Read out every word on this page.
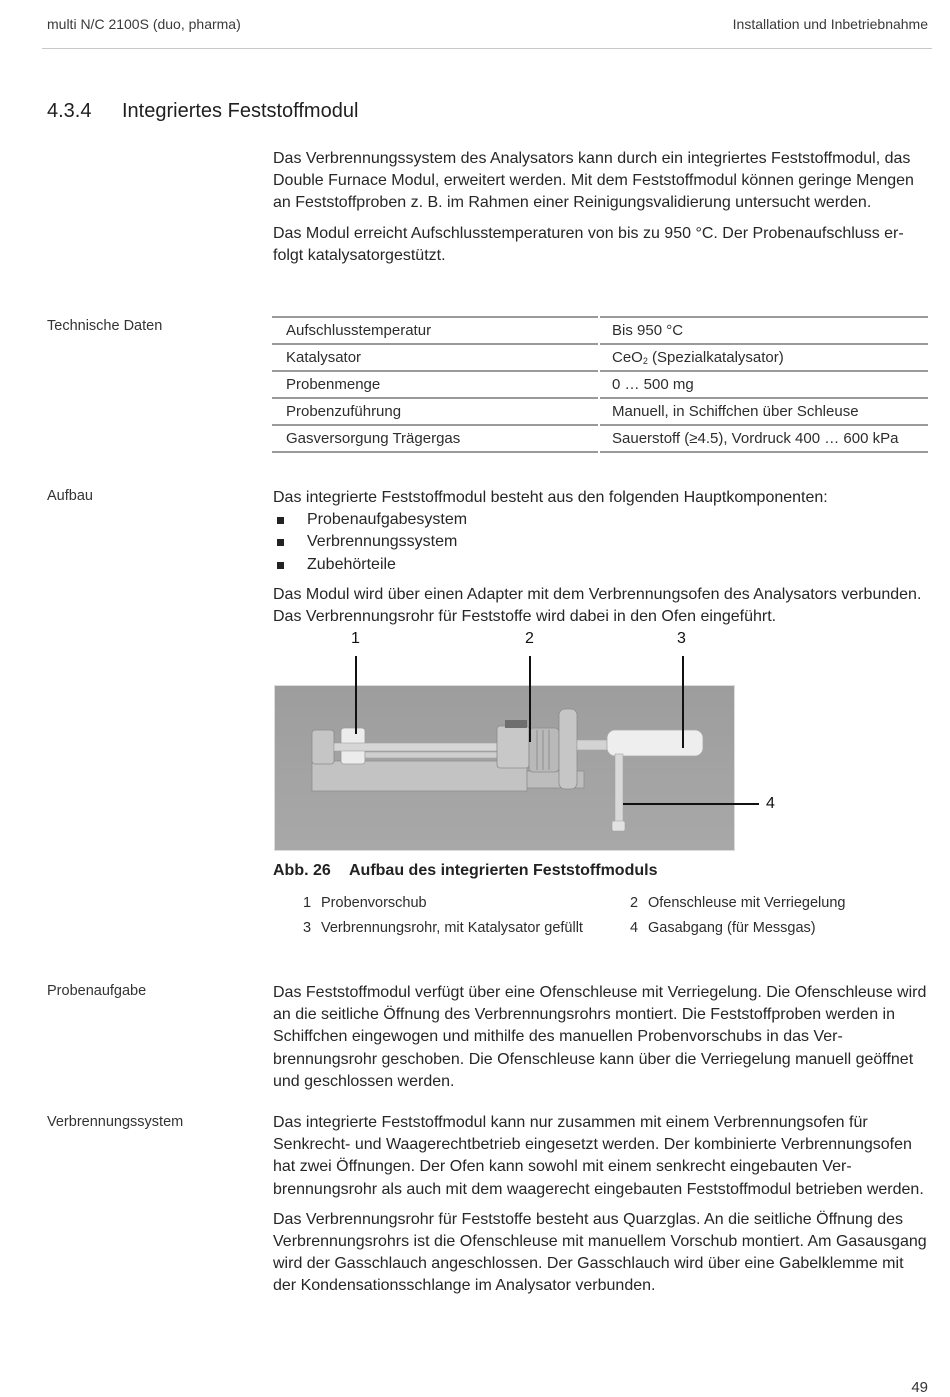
multi N/C 2100S (duo, pharma)	Installation und Inbetriebnahme
4.3.4	Integriertes Feststoffmodul

Das Verbrennungssystem des Analysators kann durch ein integriertes Feststoffmodul, das Double Furnace Modul, erweitert werden. Mit dem Feststoffmodul können geringe Mengen an Feststoffproben z. B. im Rahmen einer Reinigungsvalidierung untersucht werden.

Das Modul erreicht Aufschlusstemperaturen von bis zu 950 °C. Der Probenaufschluss erfolgt katalysatorgestützt.

Technische Daten	Aufschlusstemperatur	Bis 950 °C
Katalysator	CeO$_2$ (Spezialkatalysator)
Probenmenge	0 … 500 mg
Probenzuführung	Manuell, in Schiffchen über Schleuse
Gasversorgung Trägergas	Sauerstoff (≥4.5), Vordruck 400 … 600 kPa
Aufbau	Das integrierte Feststoffmodul besteht aus den folgenden Hauptkomponenten:

Probenaufgabesystem
Verbrennungssystem
Zubehörteile

Das Modul wird über einen Adapter mit dem Verbrennungsofen des Analysators verbunden. Das Verbrennungsrohr für Feststoffe wird dabei in den Ofen eingeführt.

1	2	3
4
Abb. 26	Aufbau des integrierten Feststoffmoduls
1 Probenvorschub	2 Ofenschleuse mit Verriegelung
3 Verbrennungsrohr, mit Katalysator gefüllt	4 Gasabgang (für Messgas)
Probenaufgabe	Das Feststoffmodul verfügt über eine Ofenschleuse mit Verriegelung. Die Ofenschleuse wird an die seitliche Öffnung des Verbrennungsrohrs montiert. Die Feststoffproben werden in Schiffchen eingewogen und mithilfe des manuellen Probenvorschubs in das Verbrennungsrohr geschoben. Die Ofenschleuse kann über die Verriegelung manuell geöffnet und geschlossen werden.

Verbrennungssystem	Das integrierte Feststoffmodul kann nur zusammen mit einem Verbrennungsofen für Senkrecht- und Waagerechtbetrieb eingesetzt werden. Der kombinierte Verbrennungsofen hat zwei Öffnungen. Der Ofen kann sowohl mit einem senkrecht eingebauten Verbrennungsrohr als auch mit dem waagerecht eingebauten Feststoffmodul betrieben werden.

Das Verbrennungsrohr für Feststoffe besteht aus Quarzglas. An die seitliche Öffnung des Verbrennungsrohrs ist die Ofenschleuse mit manuellem Vorschub montiert. Am Gasausgang wird der Gasschlauch angeschlossen. Der Gasschlauch wird über eine Gabelklemme mit der Kondensationsschlange im Analysator verbunden.

49
